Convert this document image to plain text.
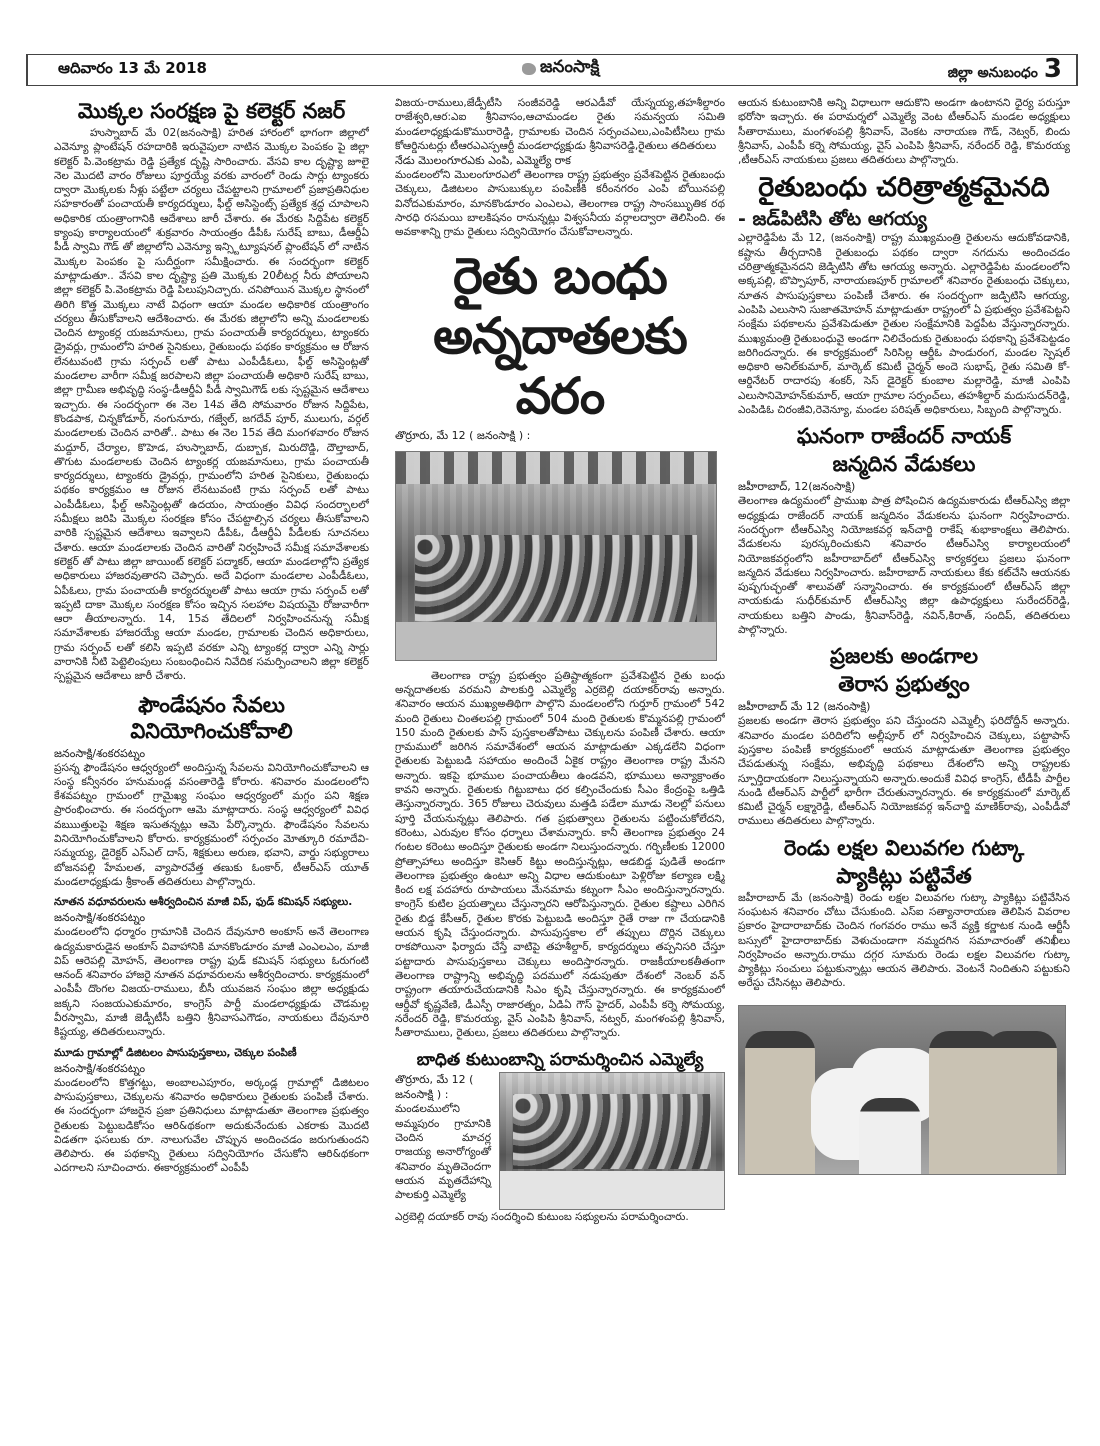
ఆదివారం 13 మే 2018	జనంసాక్షి	జిల్లా అనుబంధం 3
మొక్కల సంరక్షణ పై కలెక్టర్ నజర్

హుస్నాబాద్ మే 02(జనంసాక్షి) హరిత హారంలో భాగంగా జిల్లాలో ఎవెన్యూ ప్లాంటేషన్ రహదారికి ఇరువైపులా నాటిన మొక్కల పెంపకం పై జిల్లా కలెక్టర్ పి.వెంకట్రామ రెడ్డి ప్రత్యేక దృష్టి సారించారు. వేసవి కాల దృష్ట్యా జూలై నెల మొదటి వారం రోజులు పూర్తయ్యే వరకు వారంలో రెండు సార్లు ట్యాంకరు ద్వారా మొక్కలకు నీళ్లు పట్టేలా చర్యలు చేపట్టాలని గ్రామాలలో ప్రజాప్రతినిధుల సహకారంతో పంచాయతీ కార్యదర్శులు, ఫీల్డ్ అసిస్టెంట్స్ ప్రత్యేక శ్రద్ధ చూపాలని అధికారిక యంత్రాంగానికి ఆదేశాలు జారీ చేశారు. ఈ మేరకు సిద్దిపేట కలెక్టర్ క్యాంపు కార్యాలయంలో శుక్రవారం సాయంత్రం డీపీఓ సురేష్ బాబు, డీఆర్డీఏ పీడీ స్వామి గౌడ్ తో జిల్లాలోని ఎవెన్యూ ఇన్స్టిట్యూషనల్ ప్లాంటేషన్ లో నాటిన మొక్కల పెంపకం పై సుదీర్ఘంగా సమీక్షించారు. ఈ సందర్భంగా కలెక్టర్ మాట్లాడుతూ.. వేసవి కాల దృష్ట్యా ప్రతి మొక్కకు 20లీటర్ల నీరు పోయాలని జిల్లా కలెక్టర్ పి.వెంకట్రామ రెడ్డి పిలుపునిచ్చారు. చనిపోయిన మొక్కల స్థానంలో తిరిగి కొత్త మొక్కలు నాటే విధంగా ఆయా మండల అధికారిక యంత్రాంగం చర్యలు తీసుకోవాలని ఆదేశించారు. ఈ మేరకు జిల్లాలోని అన్ని మండలాలకు చెందిన ట్యాంకర్ల యజమానులు, గ్రామ పంచాయతీ కార్యదర్శులు, ట్యాంకరు డ్రైవర్లు, గ్రామంలోని హరిత సైనికులు, రైతుబంధు పథకం కార్యక్రమం ఆ రోజున లేనటువంటి గ్రామ సర్పంచ్ లతో పాటు ఎంపీడీఓలు, ఫీల్డ్ అసిస్టెంట్లతో మండలాల వారీగా సమీక్ష జరపాలని జిల్లా పంచాయతీ అధికారి సురేష్ బాబు, జిల్లా గ్రామీణ అభివృద్ధి సంస్థ-డీఆర్డీఏ పీడీ స్వామిగౌడ్ లకు స్పష్టమైన ఆదేశాలు ఇచ్చారు. ఈ సందర్భంగా ఈ నెల 14వ తేది సోమవారం రోజున సిద్దిపేట, కొండపాక, చిన్నకోడూర్, నంగునూరు, గజ్వేల్, జగదేవ్ పూర్, ములుగు, వర్గల్ మండలాలకు చెందిన వారితో.. పాటు ఈ నెల 15వ తేది మంగళవారం రోజున మద్దూర్, చేర్యాల, కొహెడ, హుస్నాబాద్, దుబ్బాక, మిరుదొడ్డి, దౌల్తాబాద్, తొగుట మండలాలకు చెందిన ట్యాంకర్ల యజమానులు, గ్రామ పంచాయతీ కార్యదర్శులు, ట్యాంకరు డ్రైవర్లు, గ్రామంలోని హరిత సైనికులు, రైతుబంధు పథకం కార్యక్రమం ఆ రోజున లేనటువంటి గ్రామ సర్పంచ్ లతో పాటు ఎంపీడీఓలు, ఫీల్డ్ అసిస్టెంట్లతో ఉదయం, సాయంత్రం వివిధ సందర్భాలలో సమీక్షలు జరిపి మొక్కల సంరక్షణ కోసం చేపట్టాల్సిన చర్యలు తీసుకోవాలని వారికి స్పష్టమైన ఆదేశాలు ఇవ్వాలని డీపీఓ, డీఆర్డీఏ పీడీలకు సూచనలు చేశారు. ఆయా మండలాలకు చెందిన వారితో నిర్వహించే సమీక్ష సమావేశాలకు కలెక్టర్ తో పాటు జిల్లా జాయింట్ కలెక్టర్ పద్మాకర్, ఆయా మండలాల్లోని ప్రత్యేక అధికారులు హాజరవుతారని చెప్పారు. అదే విధంగా మండలాల ఎంపీడీఓలు, ఏపీఓలు, గ్రామ పంచాయతీ కార్యదర్శులతో పాటు ఆయా గ్రామ సర్పంచ్ లతో ఇప్పటి దాకా మొక్కల సంరక్షణ కోసం ఇచ్చిన సలహాల విషయమై రోజువారీగా ఆరా తీయాలన్నారు. 14, 15వ తేదిలలో నిర్వహించనున్న సమీక్ష సమావేశాలకు హాజరయ్యే ఆయా మండల, గ్రామాలకు చెందిన అధికారులు, గ్రామ సర్పంచ్ లతో కలిసి ఇప్పటి వరకూ ఎన్ని ట్యాంకర్ల ద్వారా ఎన్ని సార్లు వారానికి నీటి పెట్టెలింపులు సంబంధించిన నివేదిక సమర్పించాలని జిల్లా కలెక్టర్ స్పష్టమైన ఆదేశాలు జారీ చేశారు.

ఫౌండేషనం సేవలు వినియోగించుకోవాలి
జనంసాక్షి/శంకరపట్నం

ప్రసన్న ఫౌండేషనం ఆధ్వర్యంలో అందిస్తున్న సేవలను వినియోగించుకోవాలని ఆ సంస్థ కన్వీనరం హనుమండ్ల వసంతారెడ్డి కోరారు. శనివారం మండలంలోని కేశవపట్నం గ్రామంలో గ్రామైఖ్య సంఘం ఆధ్వర్యంలో మగ్గం పని శిక్షణ ప్రారంభించారు. ఈ సందర్భంగా ఆమె మాట్లాదారు. సంస్థ ఆధ్వర్యంలో వివిధ వఋుత్తులపై శిక్షణ ఇసుతన్నట్లు ఆమె పేర్కొన్నారు. ఫౌండేషనం సేవలను వినియోగించుకోవాలని కోరారు. కార్యక్రమంలో సర్పంచం మోత్కూరి రమాదేవి-సమ్మయ్య, డైరెక్టర్ ఎస్ఎల్ దాస్, శిక్షకులు అరుణ, భవాని, వార్డు సభ్యురాలు బోజనపల్లి హేమలత, వ్యాపారవేత్త తణుకు ఓంకార్, టీఆర్ఎస్ యూత్ మండలాధ్యక్షుడు శ్రీకాంత్ తదితరులు పాల్గొన్నారు.

నూతన వధూవరులను ఆశీర్వదించిన మాజీ విప్, ఫుడ్ కమిషన్ సభ్యులు.
జనంసాక్షి/శంకరపట్నం

మండలంలోని ధర్మారం గ్రామానికి చెందిన దేవునూరి అంకూస్ అనే తెలంగాణ ఉద్యమకారుడైన అంకూస్ వివాహానికి మానకొండూరం మాజీ ఎంఎలఎం, మాజీ విప్ ఆరెపల్లి మోహన్, తెలంగాణ రాష్ట్ర ఫుడ్ కమిషన్ సభ్యులు ఓరుగంటి ఆనంద్ శనివారం హాజరై నూతన వధూవరులను ఆశీర్వదించారు. కార్యక్రమంలో ఎంపీపీ దొంగల విజయ-రాములు, బీసీ యువజన సంఘం జిల్లా అధ్యక్షుడు జక్కని సంజయఎకుమారం, కాంగ్రెస్ పార్టీ మండలాధ్యక్షుడు చౌడమల్ల వీరస్వామి, మాజీ జెడ్పీటీసీ బత్తిని శ్రీనివాసఎగౌడం, నాయకులు దేవునూరి కిష్టయ్య, తదితరులున్నారు.

మూడు గ్రామాల్లో డిజిటలం పాసుపుస్తకాలు, చెక్కుల పంపిణీ
జనంసాక్షి/శంకరపట్నం

మండలంలోని కొత్తగట్టు, అంబాలఎపూరం, అర్కండ్ల గ్రామాల్లో డిజిటలం పాసుపుస్తకాలు, చెక్కులను శనివారం అధికారులు రైతులకు పంపిణీ చేశారు. ఈ సందర్భంగా హాజరైన ప్రజా ప్రతినిధులు మాట్లాడుతూ తెలంగాణ ప్రభుత్వం రైతులకు పెట్టుబడికోసం ఆరి&థకంగా అదుకునేందుకు ఎకరాకు మొదటి విడతగా ఫసలుకు రూ. నాలుగువేల చొప్పున అందించడం జరుగుతుందని తెలిపారు. ఈ పథకాన్ని రైతులు సద్వినియోగం చేసుకోని ఆరి&థకంగా ఎదగాలని సూచించారు. ఈకార్యక్రమంలో ఎంపీపీ

విజయ-రాములు,జేడ్పీటీసి సంజీవరెడ్డి ఆరఎడీవో యేస్నయ్య,తహశీల్దారం రాజేశ్వరి,ఆర:ఎఐ శ్రీనివాసం,ఆచామండల రైతు సమన్వయ సమితి మండలాధ్యక్షుడుకొమురారెడ్డి, గ్రామాలకు చెందిన సర్పంచఎలు,ఎంపిటీసిలు గ్రామ కోఆర్డినుటర్లు టీఆరఎఎస్పఆర్టీ మండలాధ్యక్షుడు శ్రీనివాసరెడ్డి,రైతులు తదితరులు

నేడు మొలంగూరఎకు ఎంపి, ఎమ్మెల్యే రాక

మండలంలోని మొలంగూరఎలో తెలంగాణ రాష్ట్ర ప్రభుత్వం ప్రవేశపెట్టిన రైతుబంధు చెక్కులు, డిజిటలం పాసుబుక్కుల పంపిణీకి కరీంనగరం ఎంపి బోయినపల్లి వినోదఎకుమారం, మానకొండూరం ఎంఎలఎ, తెలంగాణ రాష్ట్ర సాంసఋృతిక రథ సారధి రసమయి బాలకిషనం రానున్నట్లు విశ్వసనీయ వర్గాలద్వారా తెలిసింది. ఈ అవకాశాన్ని గ్రామ రైతులు సద్వినియోగం చేసుకోవాలన్నారు.

రైతు బంధు
అన్నదాతలకు వరం
తొర్రూరు, మే 12 ( జనంసాక్షి ) :

తెలంగాణ రాష్ట్ర ప్రభుత్వం ప్రతిష్టాత్మకంగా ప్రవేశపెట్టిన రైతు బంధు అన్నదాతలకు వరమని పాలకుర్తి ఎమ్మెల్యే ఎర్రబెల్లి దయాకర్‌రావు అన్నారు. శనివారం ఆయన ముఖ్యఅతిథిగా పాల్గొని మండలంలోని గుర్తూర్ గ్రామంలో 542 మంది రైతులు చింతలపల్లి గ్రామంలో 504 మంది రైతులకు కొమ్మనపల్లి గ్రామంలో 150 మంది రైతులకు పాస్ పుస్తకాలతోపాటు చెక్కులను పంపిణీ చేశారు. ఆయా గ్రామములో జరిగిన సమావేశంలో ఆయన మాట్లాడుతూ ఎక్కడలేని విధంగా రైతులకు పెట్టుబడి సహాయం అందించే ఏకైక రాష్ట్రం తెలంగాణ రాష్ట్ర మేనని అన్నారు. ఇకపై భూముల పంచాయతీలు ఉండవని, భూములు అన్యాక్రాంతం కావని అన్నారు. రైతులకు గిట్టుబాటు ధర కల్పించేందుకు సీఎం కేంద్రంపై ఒత్తిడి తెస్తున్నారన్నారు. 365 రోజులు చెరువులు మత్తడి పడేలా మూడు నెలల్లో పనులు పూర్తి చేయనున్నట్లు తెలిపారు. గత ప్రభుత్వాలు రైతులను పట్టించుకోలేదని, కరెంటు, ఎరువుల కోసం ధర్నాలు చేశామన్నారు. కానీ తెలంగాణ ప్రభుత్వం 24 గంటల కరెంటు అందిస్తూ రైతులకు అండగా నిలుస్తుందన్నారు. గర్భిణీలకు 12000 ప్రోత్సాహాలు అందిస్తూ కెసిఆర్ కిట్టు అందిస్తున్నట్లు, ఆడబిడ్డ పుడితే అండగా తెలంగాణ ప్రభుత్వం ఉంటూ అన్ని విధాల ఆదుకుంటూ పెళ్లిరోజు కల్యాణ లక్ష్మి కింద లక్ష పదహారు రూపాయలు మేనమామ కట్నంగా సీఎం అందిస్తున్నారన్నారు. కాంగ్రెస్ కుటిల ప్రయత్నాలు చేస్తున్నారని ఆరోపిస్తున్నారు. రైతుల కష్టాలు ఎరిగిన రైతు బిడ్డ కేసీఆర్, రైతుల కొరకు పెట్టుబడి అందిస్తూ రైతే రాజు గా చేయడానికి ఆయన కృషి చేస్తుందన్నారు. పాసుపుస్తకాల లో తప్పులు దొర్లిన చెక్కులు రాకపోయినా ఫిర్యాదు చేస్తే వాటిపై తహశీల్దార్, కార్యదర్శులు తప్పనిసరి చేస్తూ పట్టాదారు పాసుపుస్తకాలు చెక్కులు అందిస్తారన్నారు. రాజకీయాలకతీతంగా తెలంగాణ రాష్ట్రాన్ని అభివృద్ధి పదములో నడుపుతూ దేశంలో నెంబర్ వన్ రాష్ట్రంగా తయారుచేయడానికి సిఎం కృషి చేస్తున్నారన్నారు. ఈ కార్యక్రమంలో ఆర్డీవో కృష్ణవేణి, డీఎస్పీ రాజారత్నం, ఏడిఏ గౌస్ హైదర్, ఎంపీపీ కర్నె సోమయ్య, నరేందర్ రెడ్డి, కొమరయ్య, వైస్ ఎంపిపి శ్రీనివాస్, నట్వర్, మంగళంపల్లి శ్రీనివాస్, సీతారాములు, రైతులు, ప్రజలు తదితరులు పాల్గొన్నారు.

బాధిత కుటుంబాన్ని పరామర్శించిన ఎమ్మెల్యే
తొర్రూరు, మే 12 ( జనంసాక్షి ) :

మండలములోని అమ్మపురం గ్రామానికి చెందిన మాచర్ల రాజయ్య అనారోగ్యంతో శనివారం మృతిచెందగా ఆయన మృతదేహాన్ని పాలకుర్తి ఎమ్మెల్యే

ఎర్రబెల్లి దయాకర్ రావు సందర్శించి కుటుంబ సభ్యులను పరామర్శించారు.

ఆయన కుటుంబానికి అన్ని విధాలుగా ఆదుకొని అండగా ఉంటానని ధైర్య పరుస్తూ భరోసా ఇచ్చారు. ఈ పరామర్శలో ఎమ్మెల్యే వెంట టీఆర్ఎస్ మండల అధ్యక్షులు సీతారాములు, మంగళంపల్లి శ్రీనివాస్, వెంకట నారాయణ గౌడ్, నెట్వర్, బిందు శ్రీనివాస్, ఎంపీపీ కర్నె సోమయ్య, వైస్ ఎంపిపి శ్రీనివాస్, నరేందర్ రెడ్డి, కొమరయ్య ,టీఆర్ఎస్ నాయకులు ప్రజలు తదితరులు పాల్గొన్నారు.

రైతుబంధు చరిత్రాత్మకమైనది
- జడ్‌పిటిసి తోట ఆగయ్య

ఎల్లారెడ్డిపేట మే 12, (జనంసాక్షి) రాష్ట్ర ముఖ్యమంత్రి రైతులను ఆదుకోవడానికి, కష్టాను తీర్చదానికి రైతుబంధు పథకం ద్వారా నగదును అందించడం చరిత్రాత్మకమైనదని జెడ్పిటిసి తోట ఆగయ్య అన్నారు. ఎల్లారెడ్డిపేట మండలంలోని అక్కపల్లి, బొప్పాపూర్, నారాయణపూర్ గ్రామాలలో శనివారం రైతుబంధు చెక్కులు, నూతన పాసుపుస్తకాలు పంపిణీ చేశారు. ఈ సందర్భంగా జడ్పిటిసి ఆగయ్య, ఎంపిపి ఎలుసాని సుజాతమోహన్ మాట్లాడుతూ రాష్ట్రంలో ఏ ప్రభుత్వం ప్రవేశపెట్టని సంక్షేమ పథకాలను ప్రవేశపెడుతూ రైతుల సంక్షేమానికి పెద్దపీట వేస్తున్నారన్నారు. ముఖ్యమంత్రి రైతుబంధువై అండగా నిలిచేందుకు రైతుబంధు పథకాన్ని ప్రవేశపెట్టడం జరిగిందన్నారు. ఈ కార్యక్రమంలో సిరిసిల్ల ఆర్డీఓ పాండురంగ, మండల స్పెషల్ అధికారి అనిల్‌కుమార్, మార్కెట్ కమిటీ చైర్మన్ అందె సుభాష్, రైతు సమితి కో-ఆర్డినేటర్ రాదారపు శంకర్, సెస్ డైరెక్టర్ కుంబాల మల్లారెడ్డి, మాజీ ఎంపిపి ఎలుసానిమోహన్‌కుమార్, ఆయా గ్రామాల సర్పంచ్‌లు, తహశీల్దార్ మదుసుదన్‌రెడ్డి, ఎంపిడిఓ చిరంజీవి,రెవెన్యూ, మండల పరిషత్ అధికారులు, సిబ్బంది పాల్గొన్నారు.

ఘనంగా రాజేందర్ నాయక్
జన్మదిన వేడుకలు
జహీరాబాద్, 12(జనంసాక్షి)

తెలంగాణ ఉద్యమంలో ప్రాముఖ పాత్ర పోషించిన ఉద్యమకారుడు టీఆర్ఎస్వి జిల్లా అధ్యక్షుడు రాజేందర్ నాయక్ జన్మదినం వేడుకలను ఘనంగా నిర్వహించారు. సందర్భంగా టీఆర్ఎస్వి నియోజకవర్గ ఇన్‌చార్జి రాకేష్ శుభాకాంక్షలు తెలిపారు. వేడుకలను పురస్కరించుకుని శనివారం టీఆర్ఎస్వి కార్యాలయంలో నియోజకవర్గంలోని జహీరాబాద్‌లో టీఆర్ఎస్వి కార్యకర్తలు ప్రజలు ఘనంగా జన్మదిన వేడుకలు నిర్వహించారు. జహీరాబాద్ నాయకులు కేకు కట్‌చేసి ఆయనకు పుష్పగుచ్ఛంతో శాలువతో సన్మానించారు. ఈ కార్యక్రమంలో టీఆర్ఎస్ జిల్లా నాయకుడు సుధీర్‌కుమార్ టీఆర్ఎస్వి జిల్లా ఉపాధ్యక్షులు సురేందర్‌రెడ్డి, నాయకులు బత్తిని పాండు, శ్రీనివాస్‌రెడ్డి, నవిన్,కిరాత్, సందిప్, తదితరులు పాల్గొన్నారు.

ప్రజలకు అండగాల
తెరాస ప్రభుత్వం
జహీరాబాద్ మే 12 (జనంసాక్షి)

ప్రజలకు అండగా తెరాస ప్రభుత్వం పని చేస్తుందని ఎమ్మెల్సీ ఫరిదోద్దీన్ అన్నారు. శనివారం మండల పరిదిలోని అల్లీపూర్ లో నిర్వహించిన చెక్కులు, పట్టాపాస్ పుస్తకాల పంపిణీ కార్యక్రమంలో ఆయన మాట్లాడుతూ తెలంగాణ ప్రభుత్వం చేపడుతున్న సంక్షేమ, అభివృద్ది పథకాలు దేశంలోని అన్ని రాష్ట్రలకు స్పూర్తిదాయకంగా నిలుస్తున్నాయని అన్నారు.అందుకే వివిధ కాంగ్రెస్, టీడీపీ పార్టీల నుండి టీఆర్ఎస్ పార్టీలో భారీగా చేరుతున్నారన్నారు. ఈ కార్యక్రమంలో మార్కెట్ కమిటీ చైర్మన్ లక్ష్మారెడ్డి, టీఆర్ఎస్ నియోజకవర్గ ఇన్‌చార్జి మాణిక్‌రావు, ఎంపీడీవో రాములు తదితరులు పాల్గొన్నారు.

రెండు లక్షల విలువగల గుట్కా
ప్యాకిట్లు పట్టివేత

జహీరాబాద్ మే (జనంసాక్షి) రెండు లక్షల విలువగల గుట్కా ప్యాకిట్లు పట్టివేసిన సంఘటన శనివారం చోటు చేసుకుంది. ఎస్ఐ సత్యానారాయణ తెలిపిన వివరాల ప్రకారం హైదారాబాద్‌కు చెందిన గంగవరం రాము అనే వ్యక్తి కర్ణాటక నుండి ఆర్టీసీ బస్సులో హైదారాబాద్‌కు వెళుచుండాగా నమ్మదగిన సమాచారంతో తనిఖీలు నిర్వహించం అన్నారు.రాము దగ్గర సూమరు రెండు లక్షల విలువగల గుట్కా ప్యాకిట్లు సంచులు పట్టుకున్నాట్లు ఆయన తెలిపారు. వెంటనే నిందితుని పట్టుకుని అరేస్టు చేసినట్లు తెలిపారు.
